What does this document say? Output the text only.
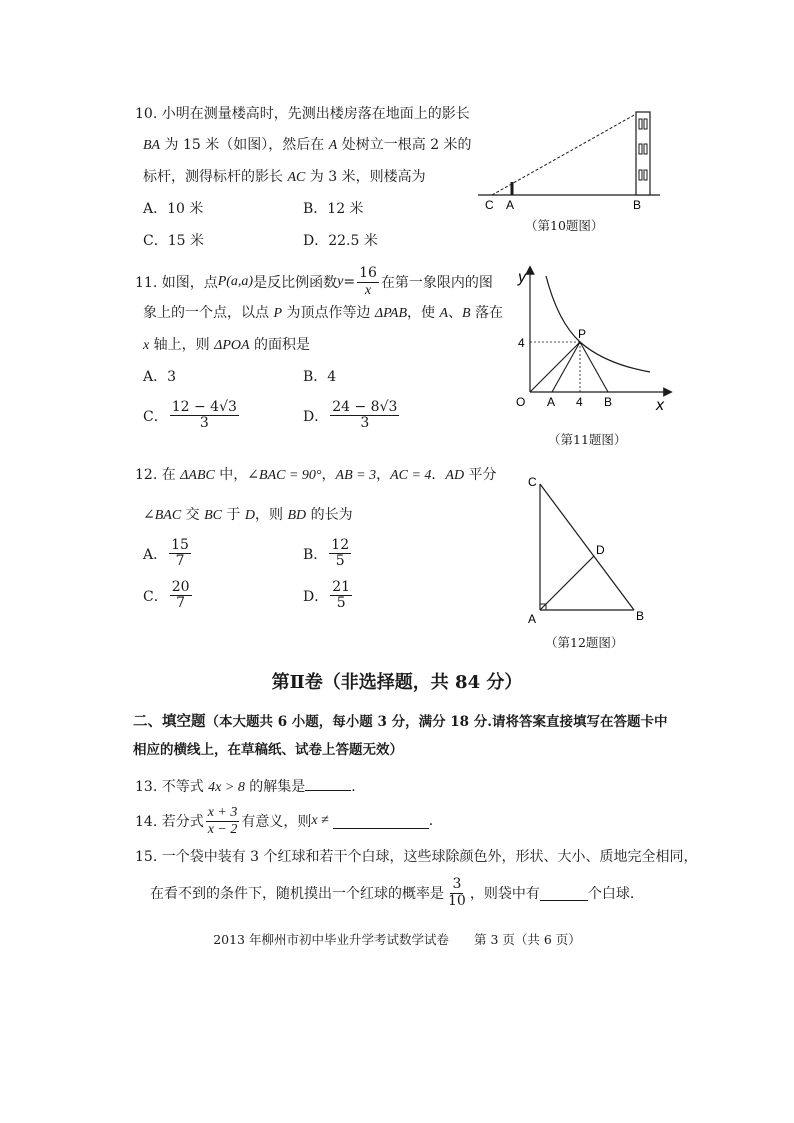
10. 小明在测量楼高时，先测出楼房落在地面上的影长
BA 为 15 米（如图），然后在 A 处树立一根高 2 米的
标杆，测得标杆的影长 AC 为 3 米，则楼高为
A．10 米	B．12 米
C．15 米	D．22.5 米
C A	B
（第10题图）
11. 如图，点 P(a,a) 是反比例函数 $y = \frac{16}{x}$ 在第一象限内的图
象上的一个点，以点 P 为顶点作等边 ΔPAB，使 A、B 落在
x 轴上，则 ΔPOA 的面积是
A．3	B．4
C． $\frac{12 - 4√3}{3}$	D． $\frac{24 - 8√3}{3}$
y
x
O A 4 B
4
P
（第11题图）
12. 在 ΔABC 中，∠BAC = 90°，AB = 3，AC = 4．AD 平分
∠BAC 交 BC 于 D，则 BD 的长为
A． $\frac{15}{7}$	B． $\frac{12}{5}$
C． $\frac{20}{7}$	D． $\frac{21}{5}$
C
D
A	B
（第12题图）
第Ⅱ卷（非选择题，共 84 分）
二、填空题（本大题共 6 小题，每小题 3 分，满分 18 分.请将答案直接填写在答题卡中
相应的横线上，在草稿纸、试卷上答题无效）
13. 不等式 4x > 8 的解集是	.
14. 若分式 $\frac{x + 3}{x - 2}$ 有意义，则 x ≠	.
15. 一个袋中装有 3 个红球和若干个白球，这些球除颜色外，形状、大小、质地完全相同，
在看不到的条件下，随机摸出一个红球的概率是 $\frac{3}{10}$ ，则袋中有	个白球.
2013 年柳州市初中毕业升学考试数学试卷　　第 3 页（共 6 页）
